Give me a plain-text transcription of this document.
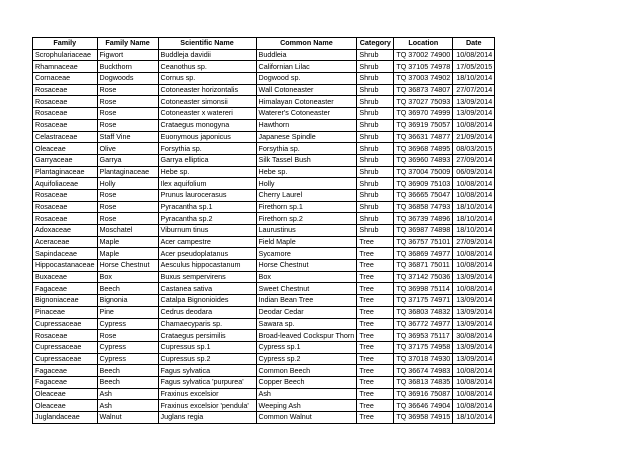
Family	Family Name	Scientific Name	Common Name	Category	Location	Date
Scrophulariaceae	Figwort	Buddleja davidii	Buddleia	Shrub	TQ 37002 74900	10/08/2014
Rhamnaceae	Buckthorn	Ceanothus sp.	Californian Lilac	Shrub	TQ 37105 74978	17/05/2015
Cornaceae	Dogwoods	Cornus sp.	Dogwood sp.	Shrub	TQ 37003 74902	18/10/2014
Rosaceae	Rose	Cotoneaster horizontalis	Wall Cotoneaster	Shrub	TQ 36873 74807	27/07/2014
Rosaceae	Rose	Cotoneaster simonsii	Himalayan Cotoneaster	Shrub	TQ 37027 75093	13/09/2014
Rosaceae	Rose	Cotoneaster x watereri	Waterer's Cotoneaster	Shrub	TQ 36970 74999	13/09/2014
Rosaceae	Rose	Crataegus monogyna	Hawthorn	Shrub	TQ 36919 75057	10/08/2014
Celastraceae	Staff Vine	Euonymous japonicus	Japanese Spindle	Shrub	TQ 36631 74877	21/09/2014
Oleaceae	Olive	Forsythia sp.	Forsythia sp.	Shrub	TQ 36968 74895	08/03/2015
Garryaceae	Garrya	Garrya elliptica	Silk Tassel Bush	Shrub	TQ 36960 74893	27/09/2014
Plantaginaceae	Plantaginaceae	Hebe sp.	Hebe sp.	Shrub	TQ 37004 75009	06/09/2014
Aquifoliaceae	Holly	Ilex aquifolium	Holly	Shrub	TQ 36909 75103	10/08/2014
Rosaceae	Rose	Prunus laurocerasus	Cherry Laurel	Shrub	TQ 36665 75047	10/08/2014
Rosaceae	Rose	Pyracantha sp.1	Firethorn sp.1	Shrub	TQ 36858 74793	18/10/2014
Rosaceae	Rose	Pyracantha sp.2	Firethorn sp.2	Shrub	TQ 36739 74896	18/10/2014
Adoxaceae	Moschatel	Viburnum tinus	Laurustinus	Shrub	TQ 36987 74898	18/10/2014
Aceraceae	Maple	Acer campestre	Field Maple	Tree	TQ 36757 75101	27/09/2014
Sapindaceae	Maple	Acer pseudoplatanus	Sycamore	Tree	TQ 36869 74977	10/08/2014
Hippocastanaceae	Horse Chestnut	Aesculus hippocastanum	Horse Chestnut	Tree	TQ 36871 75011	10/08/2014
Buxaceae	Box	Buxus sempervirens	Box	Tree	TQ 37142 75036	13/09/2014
Fagaceae	Beech	Castanea sativa	Sweet Chestnut	Tree	TQ 36998 75114	10/08/2014
Bignoniaceae	Bignonia	Catalpa Bignonioides	Indian Bean Tree	Tree	TQ 37175 74971	13/09/2014
Pinaceae	Pine	Cedrus deodara	Deodar Cedar	Tree	TQ 36803 74832	13/09/2014
Cupressaceae	Cypress	Chamaecyparis sp.	Sawara sp.	Tree	TQ 36772 74977	13/09/2014
Rosaceae	Rose	Crataegus persimilis	Broad-leaved Cockspur Thorn	Tree	TQ 36953 75117	30/08/2014
Cupressaceae	Cypress	Cupressus sp.1	Cypress sp.1	Tree	TQ 37175 74958	13/09/2014
Cupressaceae	Cypress	Cupressus sp.2	Cypress sp.2	Tree	TQ 37018 74930	13/09/2014
Fagaceae	Beech	Fagus sylvatica	Common Beech	Tree	TQ 36674 74983	10/08/2014
Fagaceae	Beech	Fagus sylvatica 'purpurea'	Copper Beech	Tree	TQ 36813 74835	10/08/2014
Oleaceae	Ash	Fraxinus excelsior	Ash	Tree	TQ 36916 75087	10/08/2014
Oleaceae	Ash	Fraxinus excelsior 'pendula'	Weeping Ash	Tree	TQ 36646 74904	10/08/2014
Juglandaceae	Walnut	Juglans regia	Common Walnut	Tree	TQ 36958 74915	18/10/2014
